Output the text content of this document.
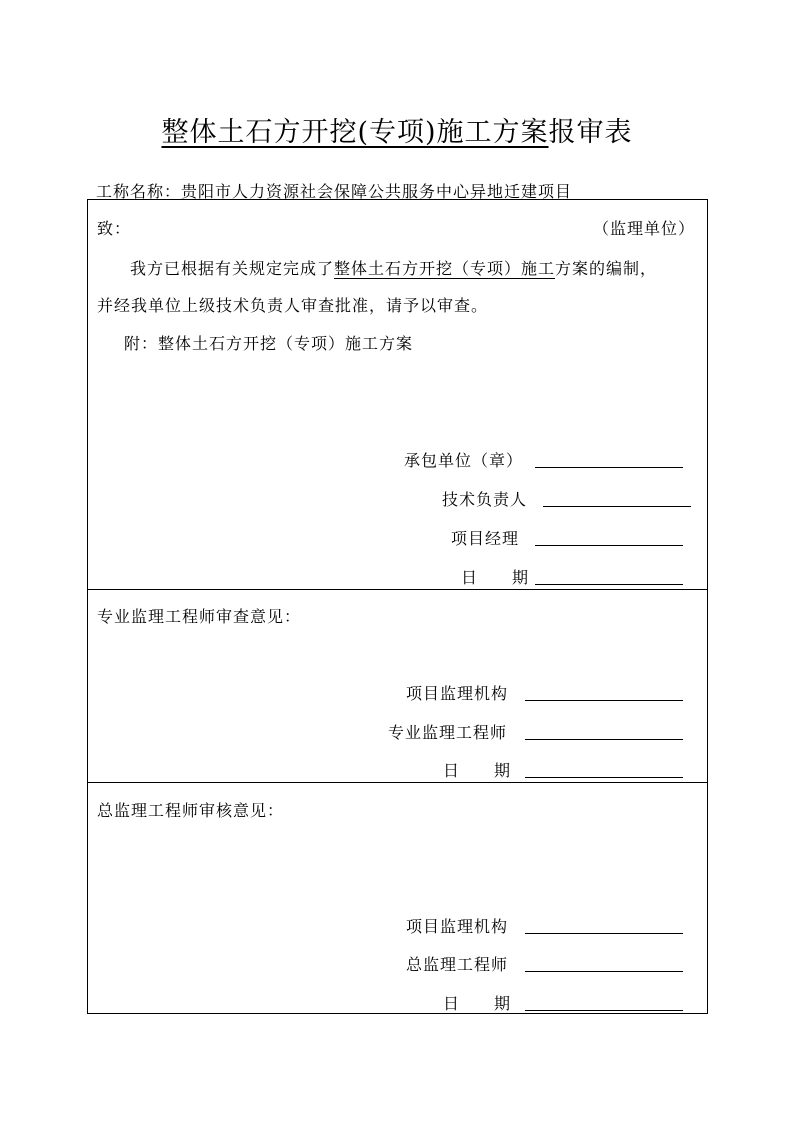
整体土石方开挖(专项)施工方案报审表
工称名称：贵阳市人力资源社会保障公共服务中心异地迁建项目
致：	（监理单位）
我方已根据有关规定完成了整体土石方开挖（专项）施工方案的编制，
并经我单位上级技术负责人审查批准，请予以审查。
附：整体土石方开挖（专项）施工方案
承包单位（章）
技术负责人
项目经理
日　　期
专业监理工程师审查意见：
项目监理机构
专业监理工程师
日　　期
总监理工程师审核意见：
项目监理机构
总监理工程师
日　　期
